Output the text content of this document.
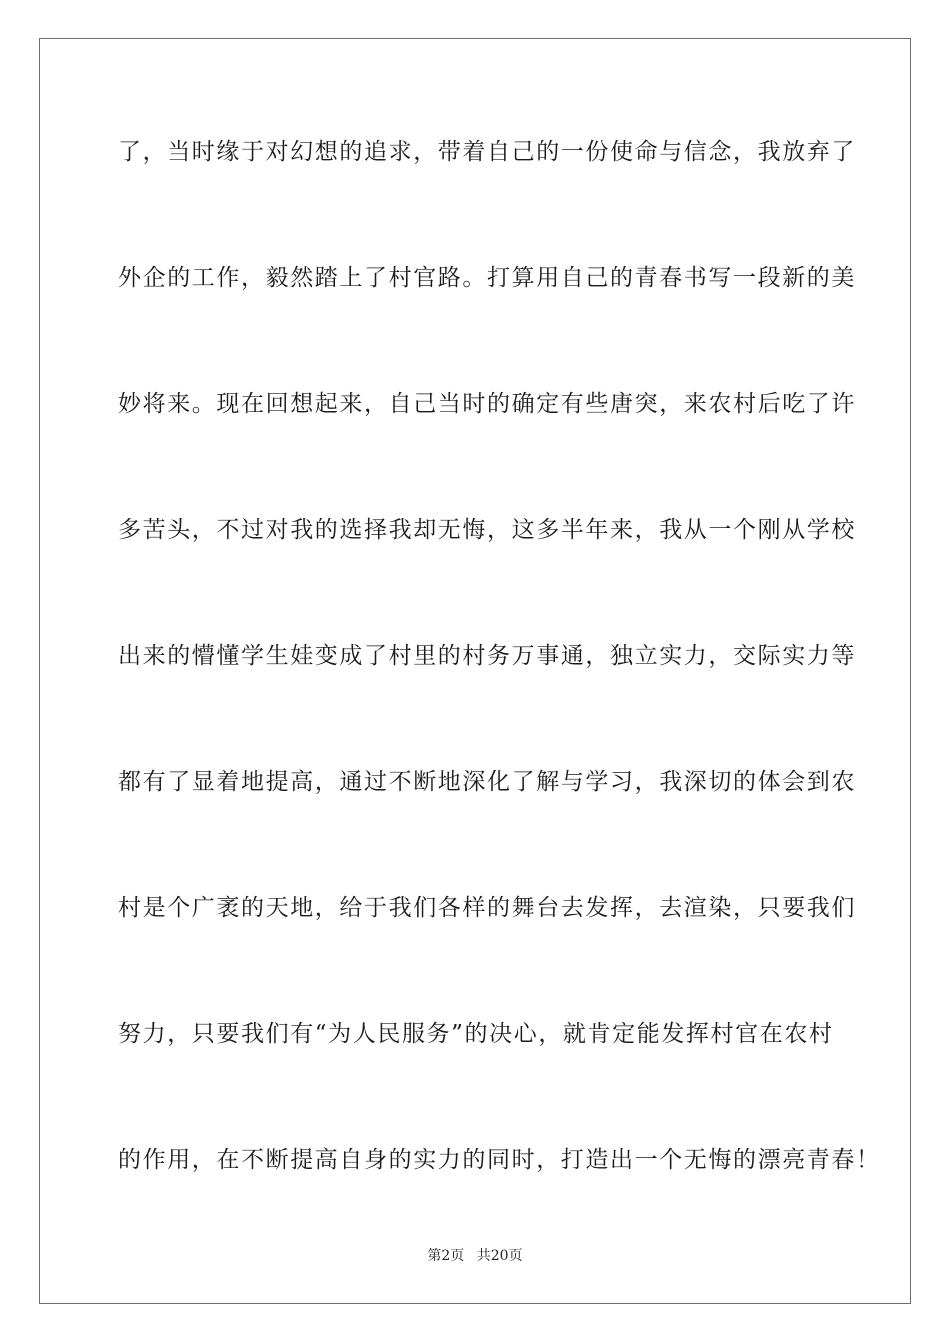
了，当时缘于对幻想的追求，带着自己的一份使命与信念，我放弃了
外企的工作，毅然踏上了村官路。打算用自己的青春书写一段新的美
妙将来。现在回想起来，自己当时的确定有些唐突，来农村后吃了许
多苦头，不过对我的选择我却无悔，这多半年来，我从一个刚从学校
出来的懵懂学生娃变成了村里的村务万事通，独立实力，交际实力等
都有了显着地提高，通过不断地深化了解与学习，我深切的体会到农
村是个广袤的天地，给于我们各样的舞台去发挥，去渲染，只要我们
努力，只要我们有“为人民服务”的决心，就肯定能发挥村官在农村
的作用，在不断提高自身的实力的同时，打造出一个无悔的漂亮青春！
第2页 共20页
